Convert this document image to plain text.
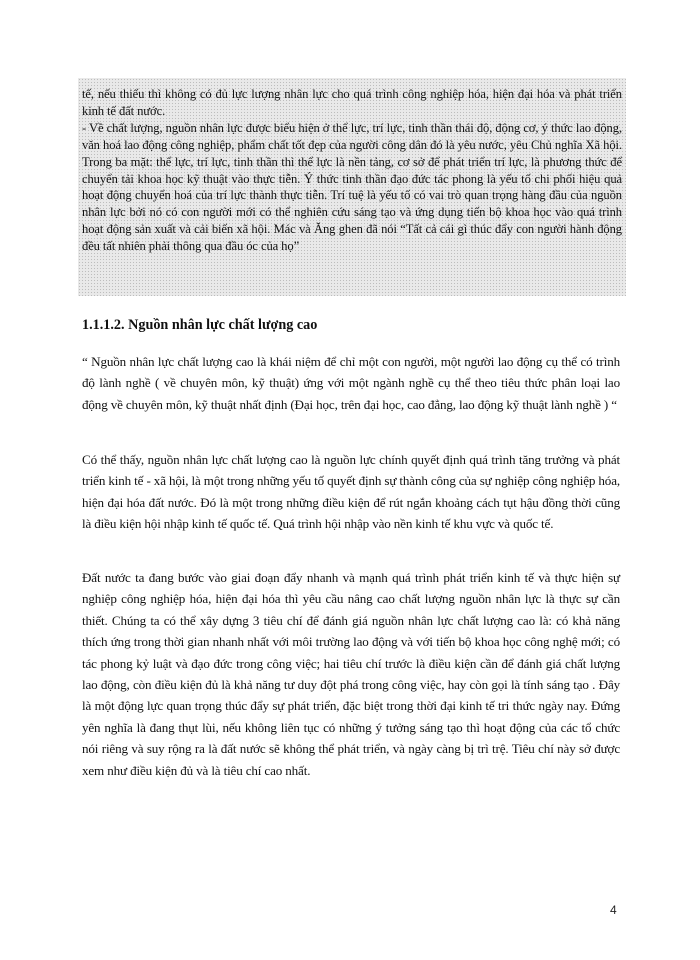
tế, nếu thiếu thì không có đủ lực lượng nhân lực cho quá trình công nghiệp hóa, hiện đại hóa và phát triển kinh tế đất nước.

- Về chất lượng, nguồn nhân lực được biểu hiện ở thể lực, trí lực, tinh thần thái độ, động cơ, ý thức lao động, văn hoá lao động công nghiệp, phẩm chất tốt đẹp của người công dân đó là yêu nước, yêu Chủ nghĩa Xã hội. Trong ba mặt: thể lực, trí lực, tinh thần thì thể lực là nền tảng, cơ sở để phát triển trí lực, là phương thức để chuyển tải khoa học kỹ thuật vào thực tiễn. Ý thức tinh thần đạo đức tác phong là yếu tố chi phối hiệu quả hoạt động chuyển hoá của trí lực thành thực tiễn. Trí tuệ là yếu tố có vai trò quan trọng hàng đầu của nguồn nhân lực bởi nó có con người mới có thể nghiên cứu sáng tạo và ứng dụng tiến bộ khoa học vào quá trình hoạt động sản xuất và cải biến xã hội. Mác và Ăng ghen đã nói “Tất cả cái gì thúc đẩy con người hành động đều tất nhiên phải thông qua đầu óc của họ”

1.1.1.2. Nguồn nhân lực chất lượng cao

“ Nguồn nhân lực chất lượng cao là khái niệm để chỉ một con người, một người lao động cụ thể có trình độ lành nghề ( về chuyên môn, kỹ thuật) ứng với một ngành nghề cụ thể theo tiêu thức phân loại lao động về chuyên môn, kỹ thuật nhất định (Đại học, trên đại học, cao đẳng, lao động kỹ thuật lành nghề ) “

Có thể thấy, nguồn nhân lực chất lượng cao là nguồn lực chính quyết định quá trình tăng trưởng và phát triển kinh tế - xã hội, là một trong những yếu tố quyết định sự thành công của sự nghiệp công nghiệp hóa, hiện đại hóa đất nước. Đó là một trong những điều kiện để rút ngắn khoảng cách tụt hậu đồng thời cũng là điều kiện hội nhập kinh tế quốc tế. Quá trình hội nhập vào nền kinh tế khu vực và quốc tế.

Đất nước ta đang bước vào giai đoạn đẩy nhanh và mạnh quá trình phát triển kinh tế và thực hiện sự nghiệp công nghiệp hóa, hiện đại hóa thì yêu cầu nâng cao chất lượng nguồn nhân lực là thực sự cần thiết. Chúng ta có thể xây dựng 3 tiêu chí để đánh giá nguồn nhân lực chất lượng cao là: có khả năng thích ứng trong thời gian nhanh nhất với môi trường lao động và với tiến bộ khoa học công nghệ mới; có tác phong kỷ luật và đạo đức trong công việc; hai tiêu chí trước là điều kiện cần để đánh giá chất lượng lao động, còn điều kiện đủ là khả năng tư duy đột phá trong công việc, hay còn gọi là tính sáng tạo . Đây là một động lực quan trọng thúc đẩy sự phát triển, đặc biệt trong thời đại kinh tế tri thức ngày nay. Đứng yên nghĩa là đang thụt lùi, nếu không liên tục có những ý tưởng sáng tạo thì hoạt động của các tổ chức nói riêng và suy rộng ra là đất nước sẽ không thể phát triển, và ngày càng bị trì trệ. Tiêu chí này sở được xem như điều kiện đủ và là tiêu chí cao nhất.

4
